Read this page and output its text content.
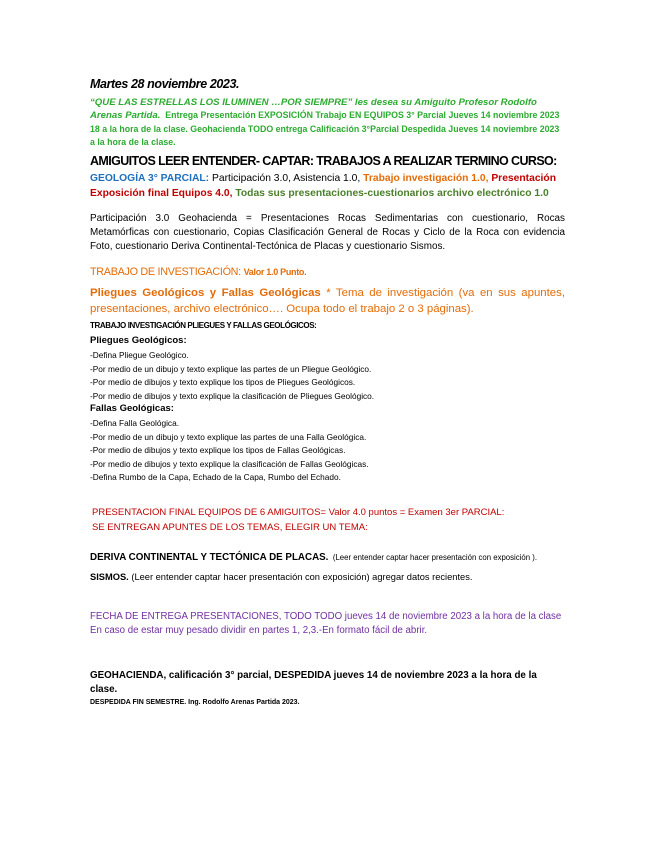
Martes 28 noviembre 2023.

“QUE LAS ESTRELLAS LOS ILUMINEN …POR SIEMPRE” les desea su Amiguito Profesor Rodolfo Arenas Partida. Entrega Presentación EXPOSICIÓN Trabajo EN EQUIPOS 3° Parcial Jueves 14 noviembre 2023 18 a la hora de la clase. Geohacienda TODO entrega Calificación 3°Parcial Despedida Jueves 14 noviembre 2023 a la hora de la clase.

AMIGUITOS LEER ENTENDER- CAPTAR: TRABAJOS A REALIZAR TERMINO CURSO:

GEOLOGÍA 3° PARCIAL: Participación 3.0, Asistencia 1.0, Trabajo investigación 1.0, Presentación Exposición final Equipos 4.0, Todas sus presentaciones-cuestionarios archivo electrónico 1.0

Participación 3.0 Geohacienda = Presentaciones Rocas Sedimentarias con cuestionario, Rocas Metamórficas con cuestionario, Copias Clasificación General de Rocas y Ciclo de la Roca con evidencia Foto, cuestionario Deriva Continental-Tectónica de Placas y cuestionario Sismos.

TRABAJO DE INVESTIGACIÓN: Valor 1.0 Punto.

Pliegues Geológicos y Fallas Geológicas * Tema de investigación (va en sus apuntes, presentaciones, archivo electrónico…. Ocupa todo el trabajo 2 o 3 páginas).

TRABAJO INVESTIGACIÓN PLIEGUES Y FALLAS GEOLÓGICOS:

Pliegues Geológicos:

-Defina Pliegue Geológico.
-Por medio de un dibujo y texto explique las partes de un Pliegue Geológico.
-Por medio de dibujos y texto explique los tipos de Pliegues Geológicos.
-Por medio de dibujos y texto explique la clasificación de Pliegues Geológico.

Fallas Geológicas:

-Defina Falla Geológica.
-Por medio de un dibujo y texto explique las partes de una Falla Geológica.
-Por medio de dibujos y texto explique los tipos de Fallas Geológicas.
-Por medio de dibujos y texto explique la clasificación de Fallas Geológicas.
-Defina Rumbo de la Capa, Echado de la Capa, Rumbo del Echado.

PRESENTACION FINAL EQUIPOS DE 6 AMIGUITOS= Valor 4.0 puntos = Examen 3er PARCIAL:

SE ENTREGAN APUNTES DE LOS TEMAS, ELEGIR UN TEMA:

DERIVA CONTINENTAL Y TECTÓNICA DE PLACAS. (Leer entender captar hacer presentación con exposición ).

SISMOS. (Leer entender captar hacer presentación con exposición) agregar datos recientes.

FECHA DE ENTREGA PRESENTACIONES, TODO TODO jueves 14 de noviembre 2023 a la hora de la clase
En caso de estar muy pesado dividir en partes 1, 2,3.-En formato fácil de abrir.

GEOHACIENDA, calificación 3° parcial, DESPEDIDA jueves 14 de noviembre 2023 a la hora de la clase.

DESPEDIDA FIN SEMESTRE. Ing. Rodolfo Arenas Partida 2023.
